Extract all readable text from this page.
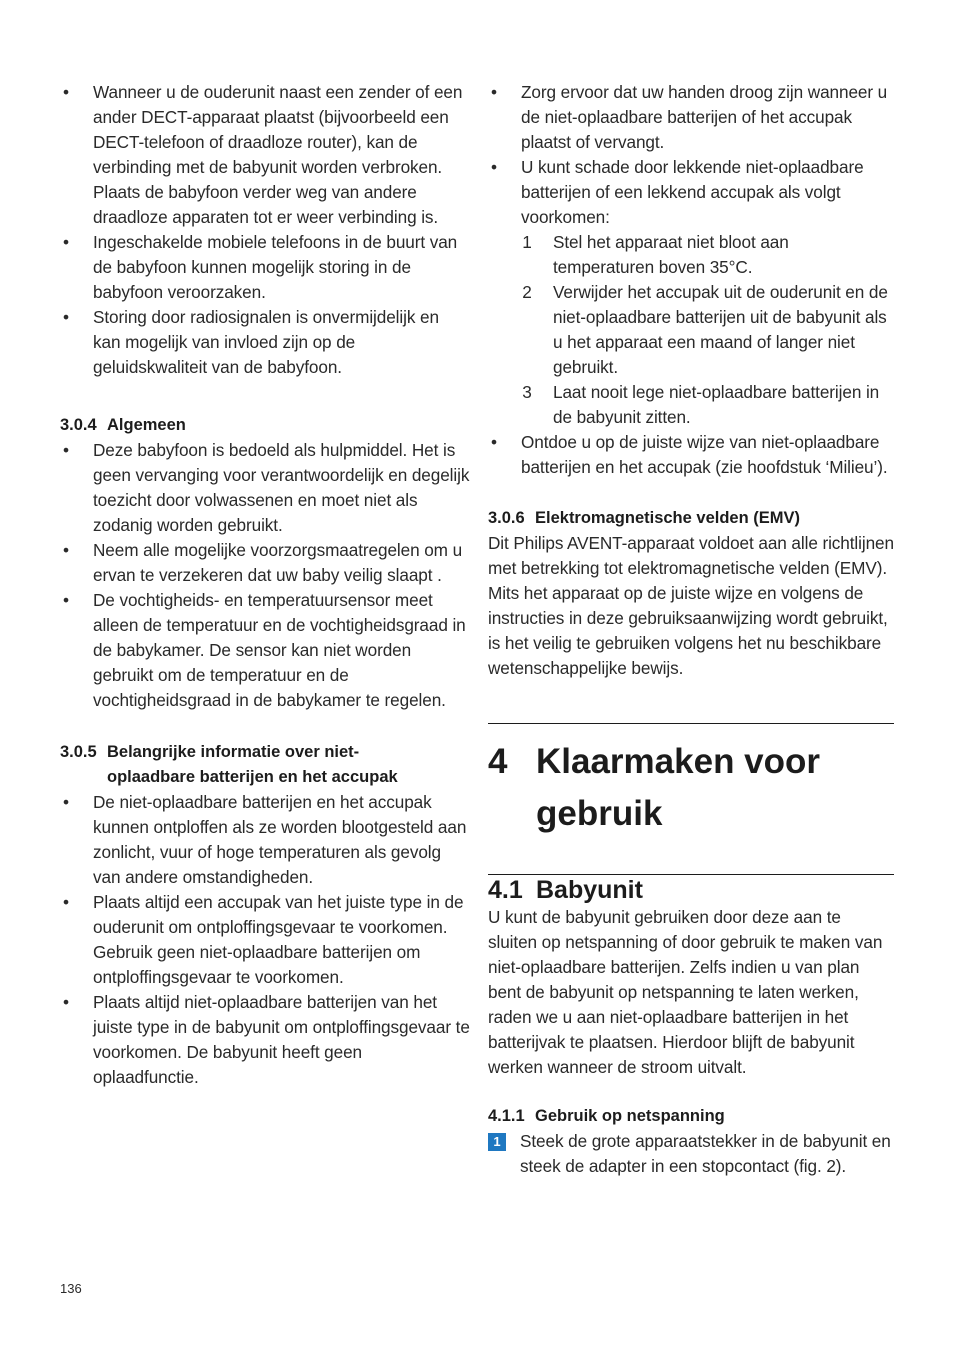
• Wanneer u de ouderunit naast een zender of een ander DECT-apparaat plaatst (bijvoorbeeld een DECT-telefoon of draadloze router), kan de verbinding met de babyunit worden verbroken. Plaats de babyfoon verder weg van andere draadloze apparaten tot er weer verbinding is.
• Ingeschakelde mobiele telefoons in de buurt van de babyfoon kunnen mogelijk storing in de babyfoon veroorzaken.
• Storing door radiosignalen is onvermijdelijk en kan mogelijk van invloed zijn op de geluidskwaliteit van de babyfoon.
3.0.4 Algemeen
• Deze babyfoon is bedoeld als hulpmiddel. Het is geen vervanging voor verantwoordelijk en degelijk toezicht door volwassenen en moet niet als zodanig worden gebruikt.
• Neem alle mogelijke voorzorgsmaatregelen om u ervan te verzekeren dat uw baby veilig slaapt .
• De vochtigheids- en temperatuursensor meet alleen de temperatuur en de vochtigheidsgraad in de babykamer. De sensor kan niet worden gebruikt om de temperatuur en de vochtigheidsgraad in de babykamer te regelen.
3.0.5 Belangrijke informatie over niet-
oplaadbare batterijen en het accupak
• De niet-oplaadbare batterijen en het accupak kunnen ontploffen als ze worden blootgesteld aan zonlicht, vuur of hoge temperaturen als gevolg van andere omstandigheden.
• Plaats altijd een accupak van het juiste type in de ouderunit om ontploffingsgevaar te voorkomen. Gebruik geen niet-oplaadbare batterijen om ontploffingsgevaar te voorkomen.
• Plaats altijd niet-oplaadbare batterijen van het juiste type in de babyunit om ontploffingsgevaar te voorkomen. De babyunit heeft geen oplaadfunctie.
• Zorg ervoor dat uw handen droog zijn wanneer u de niet-oplaadbare batterijen of het accupak plaatst of vervangt.
• U kunt schade door lekkende niet-oplaadbare batterijen of een lekkend accupak als volgt voorkomen:
1 Stel het apparaat niet bloot aan temperaturen boven 35°C.
2 Verwijder het accupak uit de ouderunit en de niet-oplaadbare batterijen uit de babyunit als u het apparaat een maand of langer niet gebruikt.
3 Laat nooit lege niet-oplaadbare batterijen in de babyunit zitten.
• Ontdoe u op de juiste wijze van niet-oplaadbare batterijen en het accupak (zie hoofdstuk ‘Milieu’).
3.0.6 Elektromagnetische velden (EMV)

Dit Philips AVENT-apparaat voldoet aan alle richtlijnen met betrekking tot elektromagnetische velden (EMV). Mits het apparaat op de juiste wijze en volgens de instructies in deze gebruiksaanwijzing wordt gebruikt, is het veilig te gebruiken volgens het nu beschikbare wetenschappelijke bewijs.

4 Klaarmaken voor
gebruik
4.1 Babyunit

U kunt de babyunit gebruiken door deze aan te sluiten op netspanning of door gebruik te maken van niet-oplaadbare batterijen. Zelfs indien u van plan bent de babyunit op netspanning te laten werken, raden we u aan niet-oplaadbare batterijen in het batterijvak te plaatsen. Hierdoor blijft de babyunit werken wanneer de stroom uitvalt.

4.1.1 Gebruik op netspanning
1	Steek de grote apparaatstekker in de babyunit en steek de adapter in een stopcontact (fig. 2).
136
